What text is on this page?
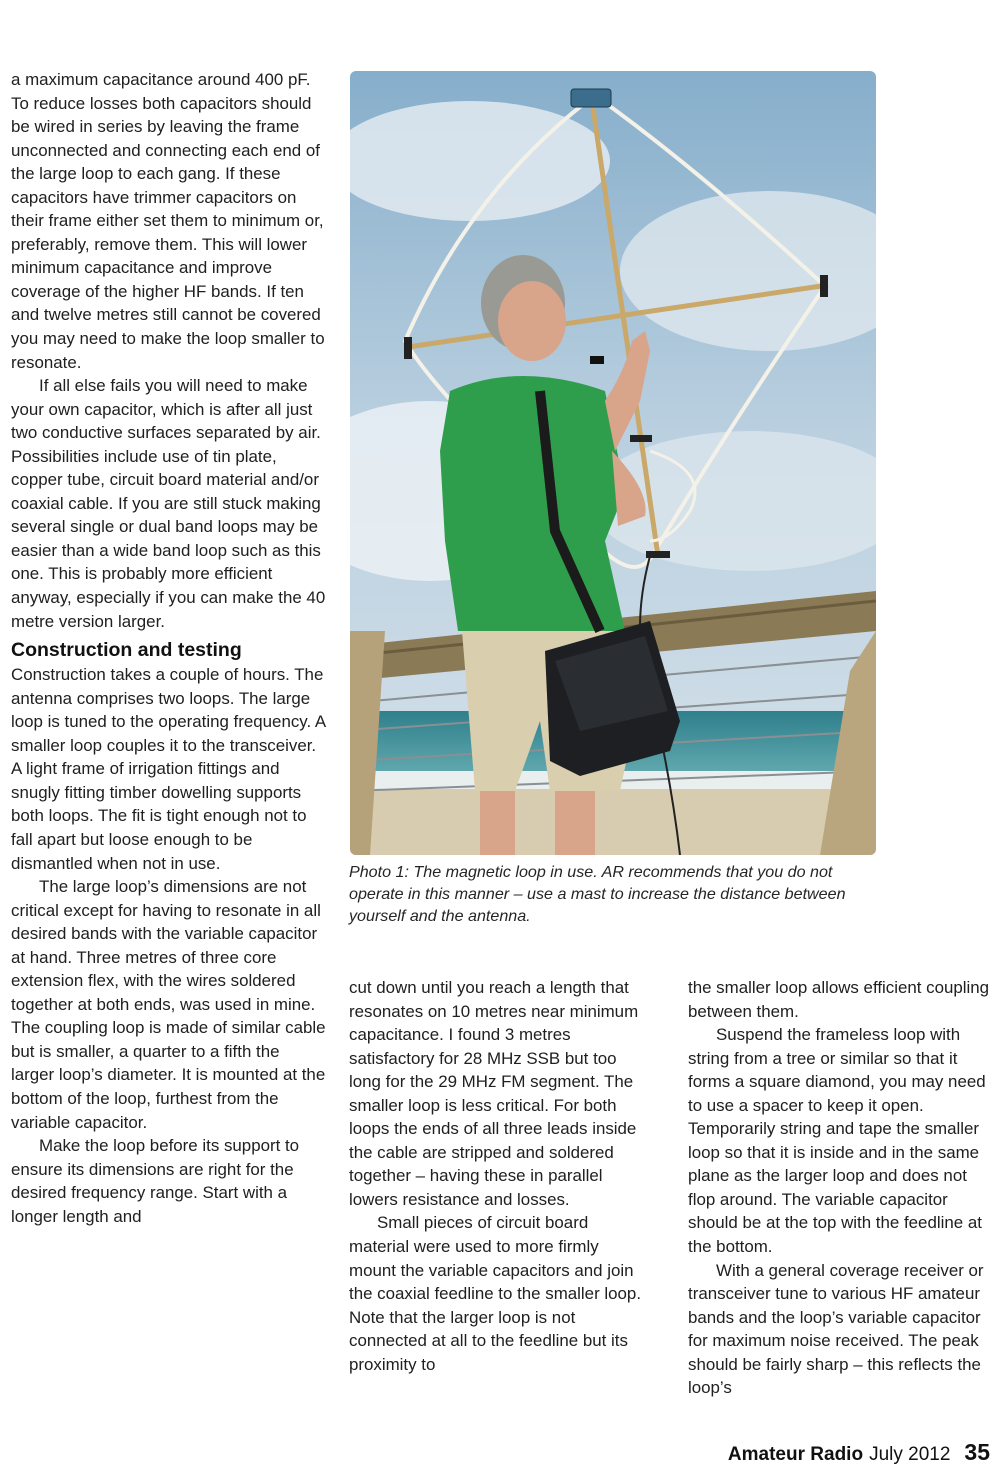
a maximum capacitance around 400 pF. To reduce losses both capacitors should be wired in series by leaving the frame unconnected and connecting each end of the large loop to each gang. If these capacitors have trimmer capacitors on their frame either set them to minimum or, preferably, remove them. This will lower minimum capacitance and improve coverage of the higher HF bands. If ten and twelve metres still cannot be covered you may need to make the loop smaller to resonate.

If all else fails you will need to make your own capacitor, which is after all just two conductive surfaces separated by air. Possibilities include use of tin plate, copper tube, circuit board material and/or coaxial cable. If you are still stuck making several single or dual band loops may be easier than a wide band loop such as this one. This is probably more efficient anyway, especially if you can make the 40 metre version larger.

Construction and testing

Construction takes a couple of hours. The antenna comprises two loops. The large loop is tuned to the operating frequency. A smaller loop couples it to the transceiver. A light frame of irrigation fittings and snugly fitting timber dowelling supports both loops. The fit is tight enough not to fall apart but loose enough to be dismantled when not in use.

The large loop’s dimensions are not critical except for having to resonate in all desired bands with the variable capacitor at hand. Three metres of three core extension flex, with the wires soldered together at both ends, was used in mine. The coupling loop is made of similar cable but is smaller, a quarter to a fifth the larger loop’s diameter. It is mounted at the bottom of the loop, furthest from the variable capacitor.

Make the loop before its support to ensure its dimensions are right for the desired frequency range. Start with a longer length and

Photo 1: The magnetic loop in use. AR recommends that you do not operate in this manner – use a mast to increase the distance between yourself and the antenna.

cut down until you reach a length that resonates on 10 metres near minimum capacitance. I found 3 metres satisfactory for 28 MHz SSB but too long for the 29 MHz FM segment. The smaller loop is less critical. For both loops the ends of all three leads inside the cable are stripped and soldered together – having these in parallel lowers resistance and losses.

Small pieces of circuit board material were used to more firmly mount the variable capacitors and join the coaxial feedline to the smaller loop. Note that the larger loop is not connected at all to the feedline but its proximity to

the smaller loop allows efficient coupling between them.

Suspend the frameless loop with string from a tree or similar so that it forms a square diamond, you may need to use a spacer to keep it open. Temporarily string and tape the smaller loop so that it is inside and in the same plane as the larger loop and does not flop around. The variable capacitor should be at the top with the feedline at the bottom.

With a general coverage receiver or transceiver tune to various HF amateur bands and the loop’s variable capacitor for maximum noise received. The peak should be fairly sharp – this reflects the loop’s

Amateur Radio July 2012 35
